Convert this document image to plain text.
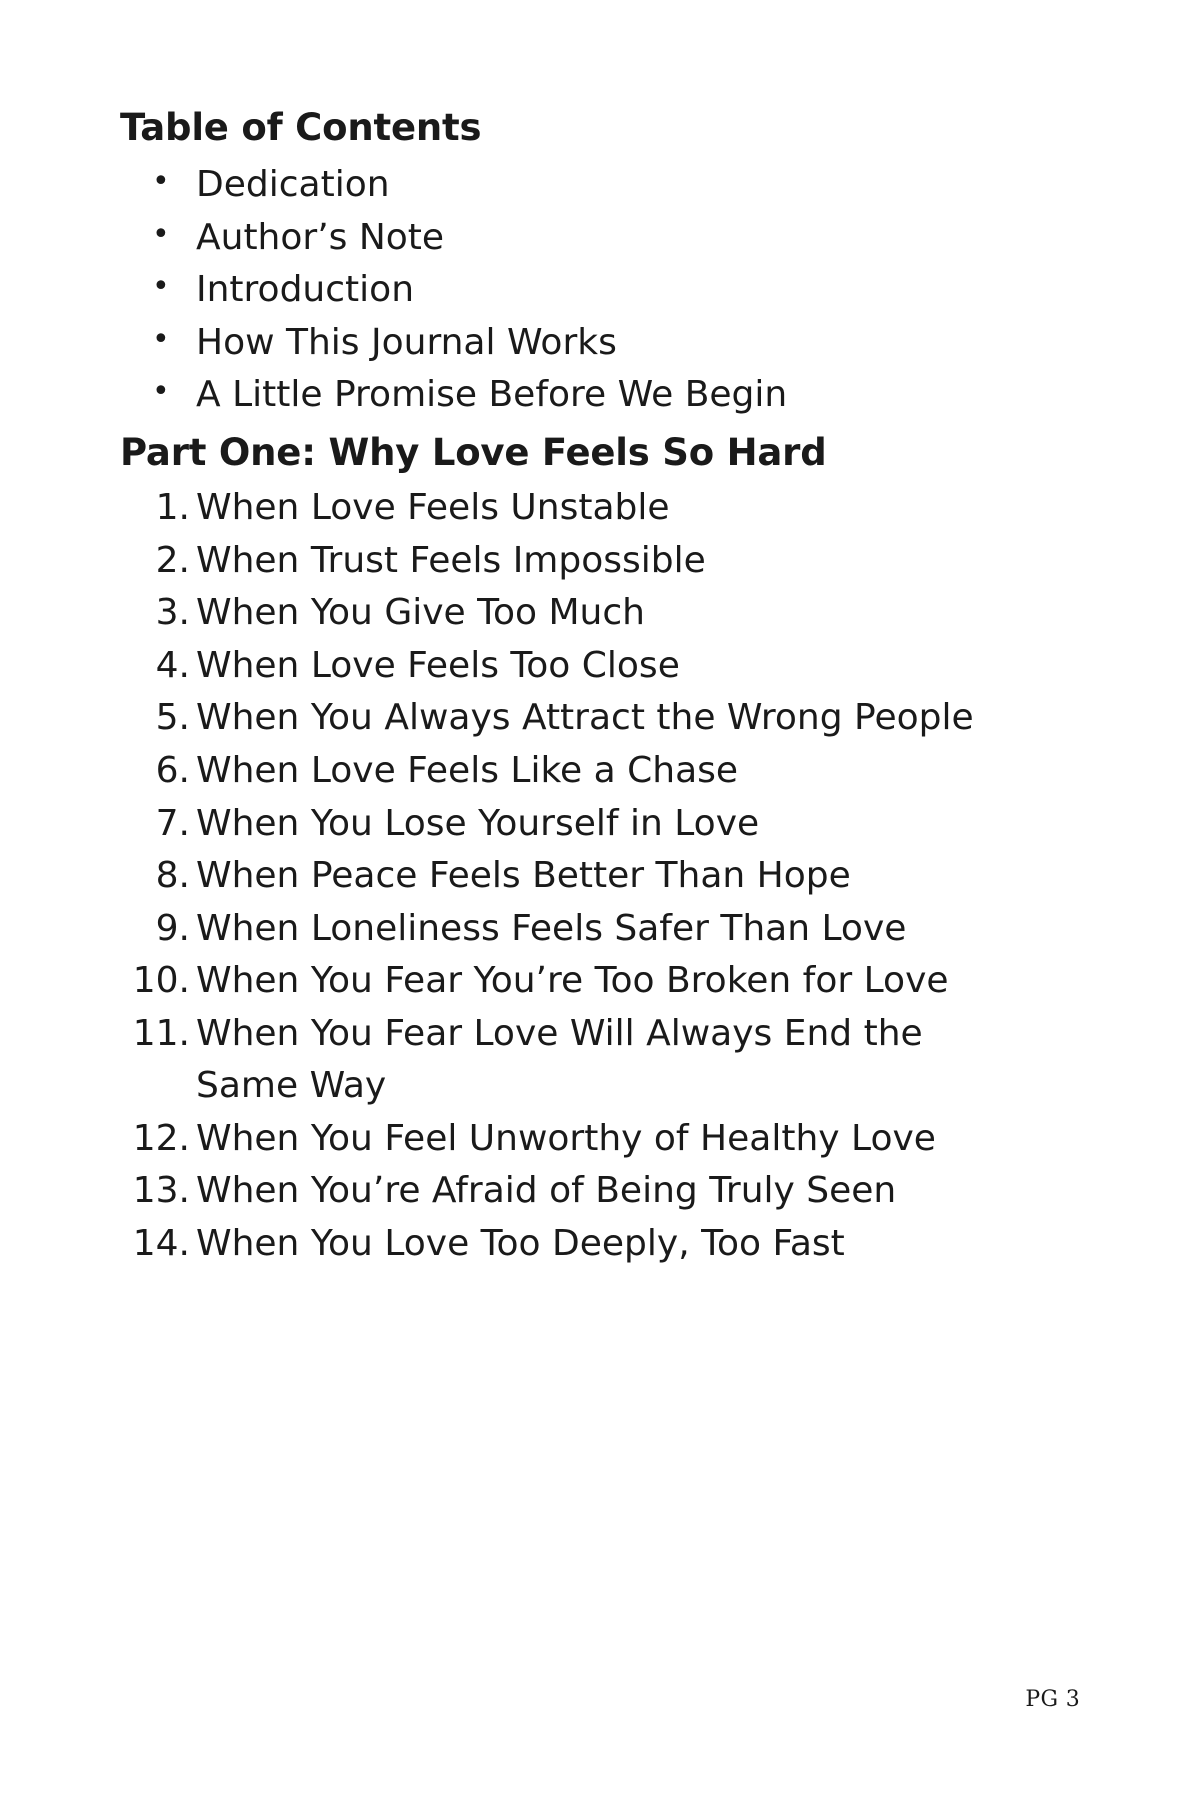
Table of Contents
• Dedication
• Author’s Note
• Introduction
• How This Journal Works
• A Little Promise Before We Begin
Part One: Why Love Feels So Hard
1. When Love Feels Unstable
2. When Trust Feels Impossible
3. When You Give Too Much
4. When Love Feels Too Close
5. When You Always Attract the Wrong People
6. When Love Feels Like a Chase
7. When You Lose Yourself in Love
8. When Peace Feels Better Than Hope
9. When Loneliness Feels Safer Than Love
10. When You Fear You’re Too Broken for Love
11. When You Fear Love Will Always End the Same Way
12. When You Feel Unworthy of Healthy Love
13. When You’re Afraid of Being Truly Seen
14. When You Love Too Deeply, Too Fast
PG 3
